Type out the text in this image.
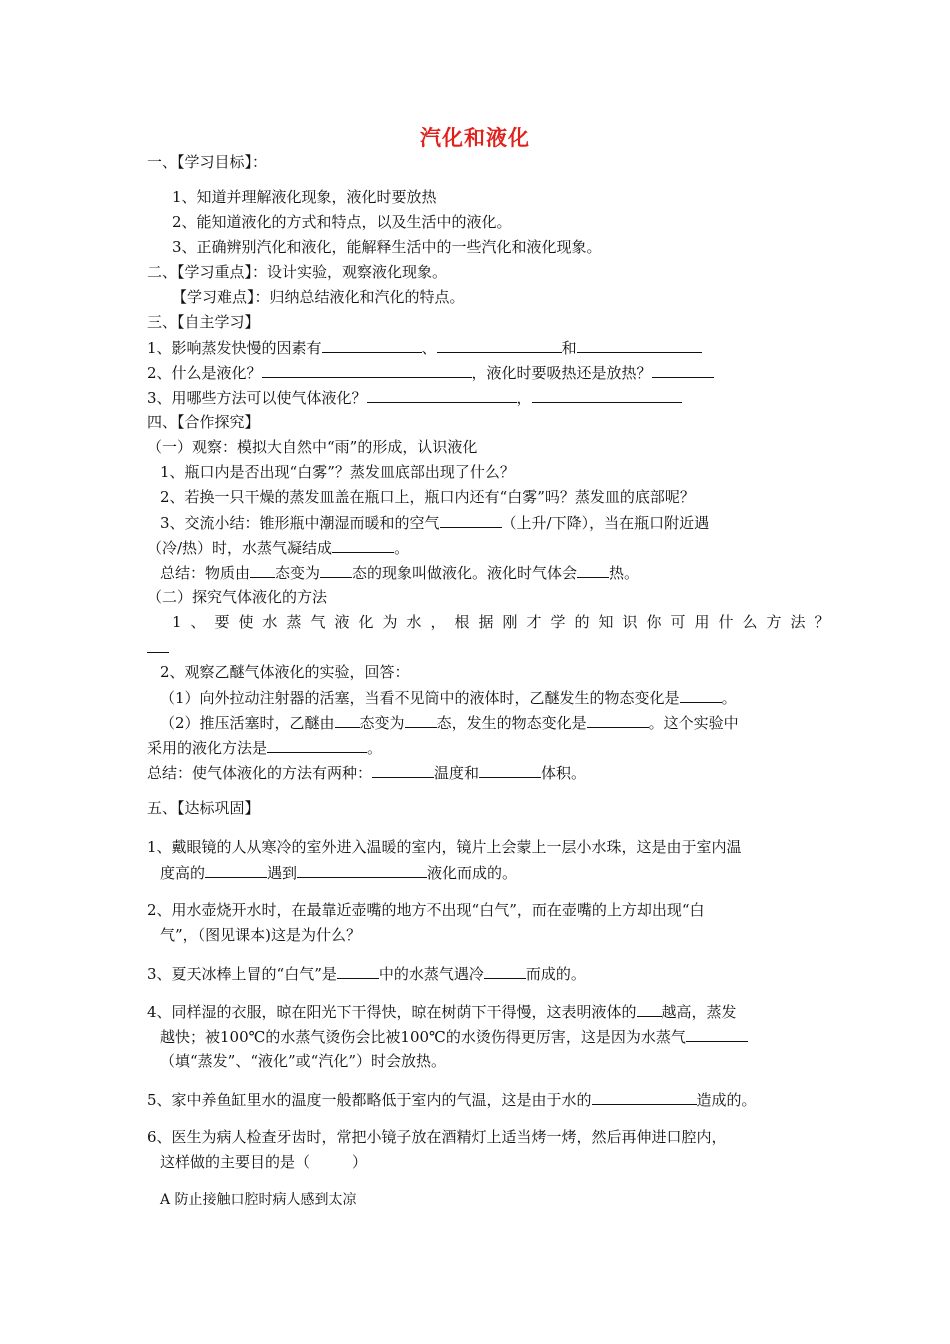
汽化和液化
一、【学习目标】：
1、知道并理解液化现象，液化时要放热
2、能知道液化的方式和特点，以及生活中的液化。
3、正确辨别汽化和液化，能解释生活中的一些汽化和液化现象。
二、【学习重点】：设计实验，观察液化现象。
【学习难点】：归纳总结液化和汽化的特点。
三、【自主学习】
1、影响蒸发快慢的因素有	、	和
2、什么是液化？	，液化时要吸热还是放热？
3、用哪些方法可以使气体液化？	，
四、【合作探究】
（一）观察：模拟大自然中“雨”的形成，认识液化
1、瓶口内是否出现“白雾”？蒸发皿底部出现了什么？
2、若换一只干燥的蒸发皿盖在瓶口上，瓶口内还有“白雾”吗？蒸发皿的底部呢？
3、交流小结：锥形瓶中潮湿而暖和的空气	（上升/下降），当在瓶口附近遇
（冷/热）时，水蒸气凝结成	。
总结：物质由 态变为 态的现象叫做液化。液化时气体会 热。
（二）探究气体液化的方法
1、要使水蒸气液化为水，根据刚才学的知识你可用什么方法？
2、观察乙醚气体液化的实验，回答：
（1）向外拉动注射器的活塞，当看不见筒中的液体时，乙醚发生的物态变化是	。
（2）推压活塞时，乙醚由 态变为 态，发生的物态变化是	。这个实验中
采用的液化方法是	。
总结：使气体液化的方法有两种：	温度和	体积。
五、【达标巩固】
1、戴眼镜的人从寒冷的室外进入温暖的室内，镜片上会蒙上一层小水珠，这是由于室内温
度高的	遇到	液化而成的。
2、用水壶烧开水时，在最靠近壶嘴的地方不出现“白气”，而在壶嘴的上方却出现“白
气”，（图见课本)这是为什么？
3、夏天冰棒上冒的“白气”是	中的水蒸气遇冷	而成的。
4、同样湿的衣服，晾在阳光下干得快，晾在树荫下干得慢，这表明液体的 越高，蒸发
越快；被100℃的水蒸气烫伤会比被100℃的水烫伤得更厉害，这是因为水蒸气
（填“蒸发”、“液化”或“汽化”）时会放热。
5、家中养鱼缸里水的温度一般都略低于室内的气温，这是由于水的	造成的。
6、医生为病人检查牙齿时，常把小镜子放在酒精灯上适当烤一烤，然后再伸进口腔内，
这样做的主要目的是（	）
A 防止接触口腔时病人感到太凉
